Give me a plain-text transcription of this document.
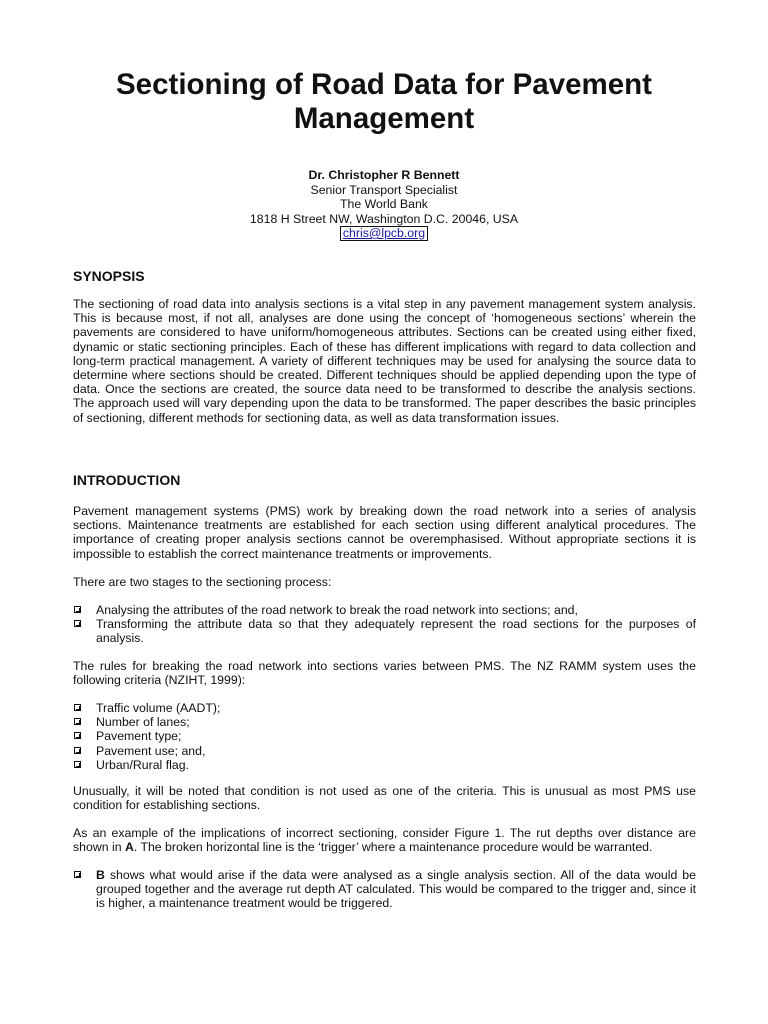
Sectioning of Road Data for Pavement Management
Dr. Christopher R Bennett
Senior Transport Specialist
The World Bank
1818 H Street NW, Washington D.C. 20046, USA
chris@lpcb.org
SYNOPSIS

The sectioning of road data into analysis sections is a vital step in any pavement management system analysis. This is because most, if not all, analyses are done using the concept of ‘homogeneous sections’ wherein the pavements are considered to have uniform/homogeneous attributes. Sections can be created using either fixed, dynamic or static sectioning principles. Each of these has different implications with regard to data collection and long-term practical management. A variety of different techniques may be used for analysing the source data to determine where sections should be created. Different techniques should be applied depending upon the type of data. Once the sections are created, the source data need to be transformed to describe the analysis sections. The approach used will vary depending upon the data to be transformed. The paper describes the basic principles of sectioning, different methods for sectioning data, as well as data transformation issues.

INTRODUCTION

Pavement management systems (PMS) work by breaking down the road network into a series of analysis sections. Maintenance treatments are established for each section using different analytical procedures. The importance of creating proper analysis sections cannot be overemphasised. Without appropriate sections it is impossible to establish the correct maintenance treatments or improvements.

There are two stages to the sectioning process:

Analysing the attributes of the road network to break the road network into sections; and,
Transforming the attribute data so that they adequately represent the road sections for the purposes of analysis.

The rules for breaking the road network into sections varies between PMS. The NZ RAMM system uses the following criteria (NZIHT, 1999):

Traffic volume (AADT);
Number of lanes;
Pavement type;
Pavement use; and,
Urban/Rural flag.

Unusually, it will be noted that condition is not used as one of the criteria. This is unusual as most PMS use condition for establishing sections.

As an example of the implications of incorrect sectioning, consider Figure 1. The rut depths over distance are shown in A. The broken horizontal line is the ‘trigger’ where a maintenance procedure would be warranted.

B shows what would arise if the data were analysed as a single analysis section. All of the data would be grouped together and the average rut depth AT calculated. This would be compared to the trigger and, since it is higher, a maintenance treatment would be triggered.
